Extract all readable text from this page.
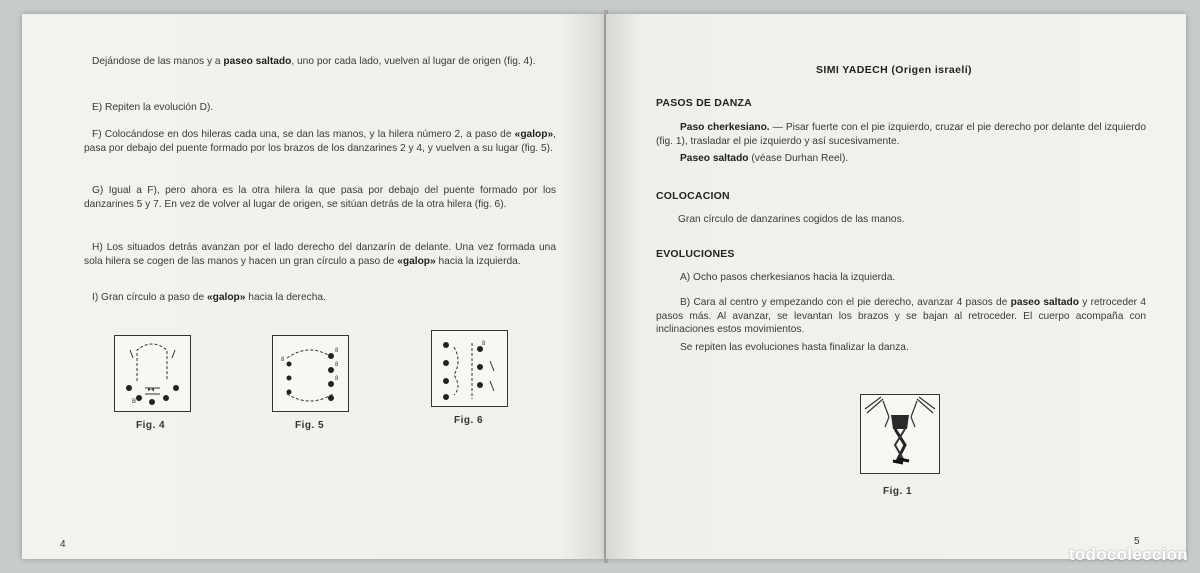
Dejándose de las manos y a paseo saltado, uno por cada lado, vuelven al lugar de origen (fig. 4).

E) Repiten la evolución D).

F) Colocándose en dos hileras cada una, se dan las manos, y la hilera número 2, a paso de «galop», pasa por debajo del puente formado por los brazos de los danzarines 2 y 4, y vuelven a su lugar (fig. 5).

G) Igual a F), pero ahora es la otra hilera la que pasa por debajo del puente formado por los danzarines 5 y 7. En vez de volver al lugar de origen, se sitúan detrás de la otra hilera (fig. 6).

H) Los situados detrás avanzan por el lado derecho del danzarín de delante. Una vez formada una sola hilera se cogen de las manos y hacen un gran círculo a paso de «galop» hacia la izquierda.

I) Gran círculo a paso de «galop» hacia la derecha.

▸◂
B
Fig. 4
8
8
8
8
Fig. 5
8
Fig. 6
4
SIMI YADECH (Origen israelí)
PASOS DE DANZA

Paso cherkesiano. — Pisar fuerte con el pie izquierdo, cruzar el pie derecho por delante del izquierdo (fig. 1), trasladar el pie izquierdo y así sucesivamente.

Paseo saltado (véase Durhan Reel).

COLOCACION

Gran círculo de danzarines cogidos de las manos.

EVOLUCIONES

A) Ocho pasos cherkesianos hacia la izquierda.

B) Cara al centro y empezando con el pie derecho, avanzar 4 pasos de paseo saltado y retroceder 4 pasos más. Al avanzar, se levantan los brazos y se bajan al retroceder. El cuerpo acompaña con inclinaciones estos movimientos.

Se repiten las evoluciones hasta finalizar la danza.

Fig. 1
5
todocoleccion
